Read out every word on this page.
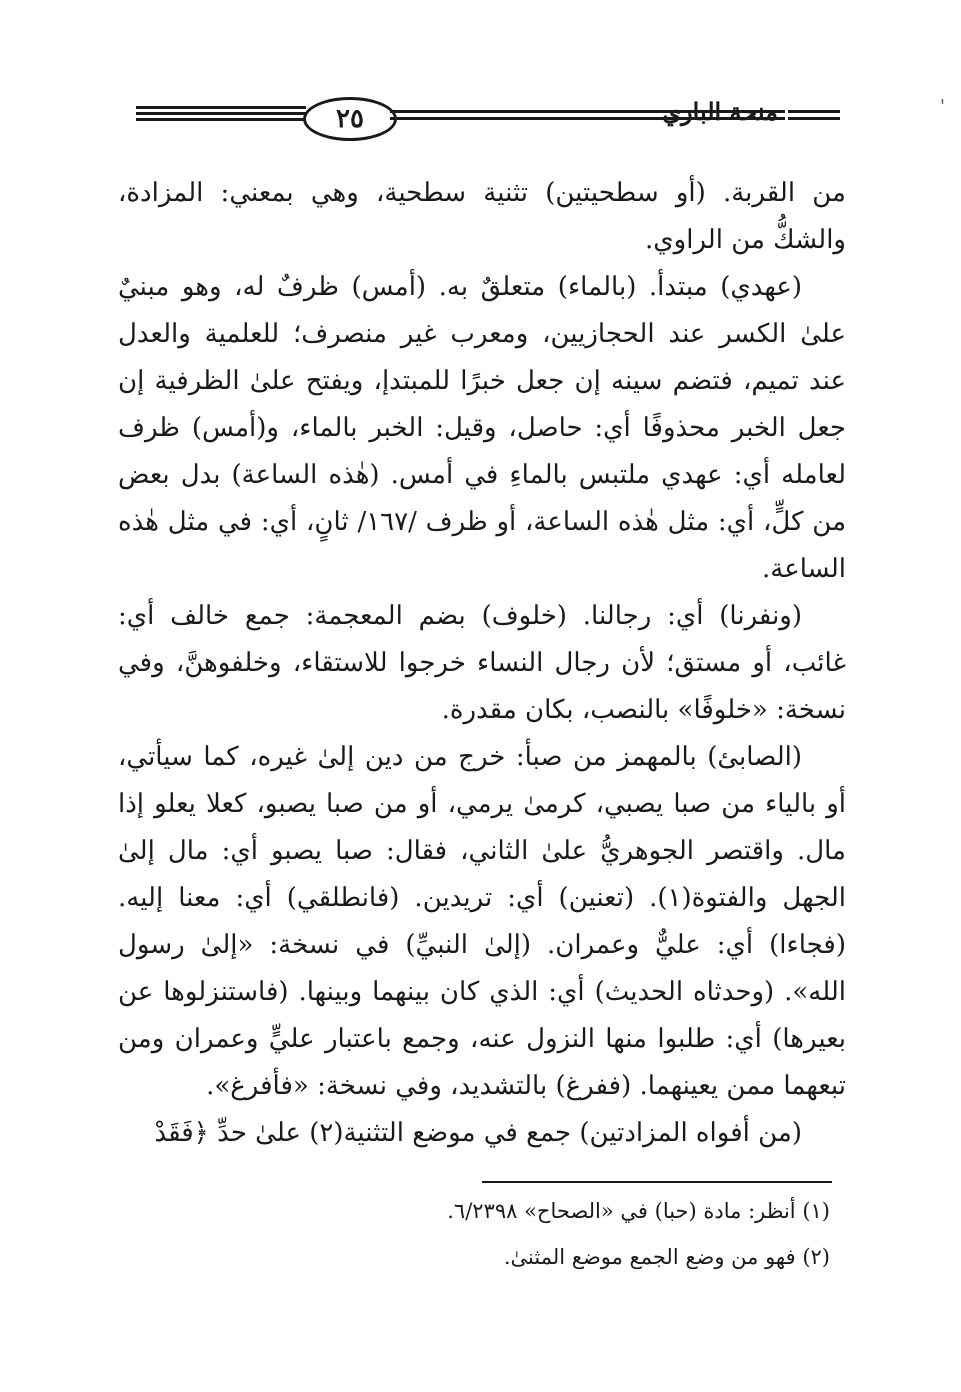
٢٥	منحة الباري	'

من القربة. (أو سطحيتين) تثنية سطحية، وهي بمعني: المزادة، والشكُّ من الراوي.

(عهدي) مبتدأ. (بالماء) متعلقٌ به. (أمس) ظرفٌ له، وهو مبنيٌ علىٰ الكسر عند الحجازيين، ومعرب غير منصرف؛ للعلمية والعدل عند تميم، فتضم سينه إن جعل خبرًا للمبتدإ، ويفتح علىٰ الظرفية إن جعل الخبر محذوفًا أي: حاصل، وقيل: الخبر بالماء، و(أمس) ظرف لعامله أي: عهدي ملتبس بالماءِ في أمس. (هٰذه الساعة) بدل بعض من كلٍّ، أي: مثل هٰذه الساعة، أو ظرف /١٦٧/ ثانٍ، أي: في مثل هٰذه الساعة.

(ونفرنا) أي: رجالنا. (خلوف) بضم المعجمة: جمع خالف أي: غائب، أو مستق؛ لأن رجال النساء خرجوا للاستقاء، وخلفوهنَّ، وفي نسخة: «خلوفًا» بالنصب، بكان مقدرة.

(الصابئ) بالمهمز من صبأ: خرج من دين إلىٰ غيره، كما سيأتي، أو بالياء من صبا يصبي، كرمىٰ يرمي، أو من صبا يصبو، كعلا يعلو إذا مال. واقتصر الجوهريُّ علىٰ الثاني، فقال: صبا يصبو أي: مال إلىٰ الجهل والفتوة(١). (تعنين) أي: تريدين. (فانطلقي) أي: معنا إليه. (فجاءا) أي: عليٌّ وعمران. (إلىٰ النبيِّ) في نسخة: «إلىٰ رسول الله». (وحدثاه الحديث) أي: الذي كان بينهما وبينها. (فاستنزلوها عن بعيرها) أي: طلبوا منها النزول عنه، وجمع باعتبار عليٍّ وعمران ومن تبعهما ممن يعينهما. (ففرغ) بالتشديد، وفي نسخة: «فأفرغ».

(من أفواه المزادتين) جمع في موضع التثنية(٢) علىٰ حدِّ ﴿فَقَدْ

(١) أنظر: مادة (حبا) في «الصحاح» ٦/٢٣٩٨.

(٢) فهو من وضع الجمع موضع المثنىٰ.
